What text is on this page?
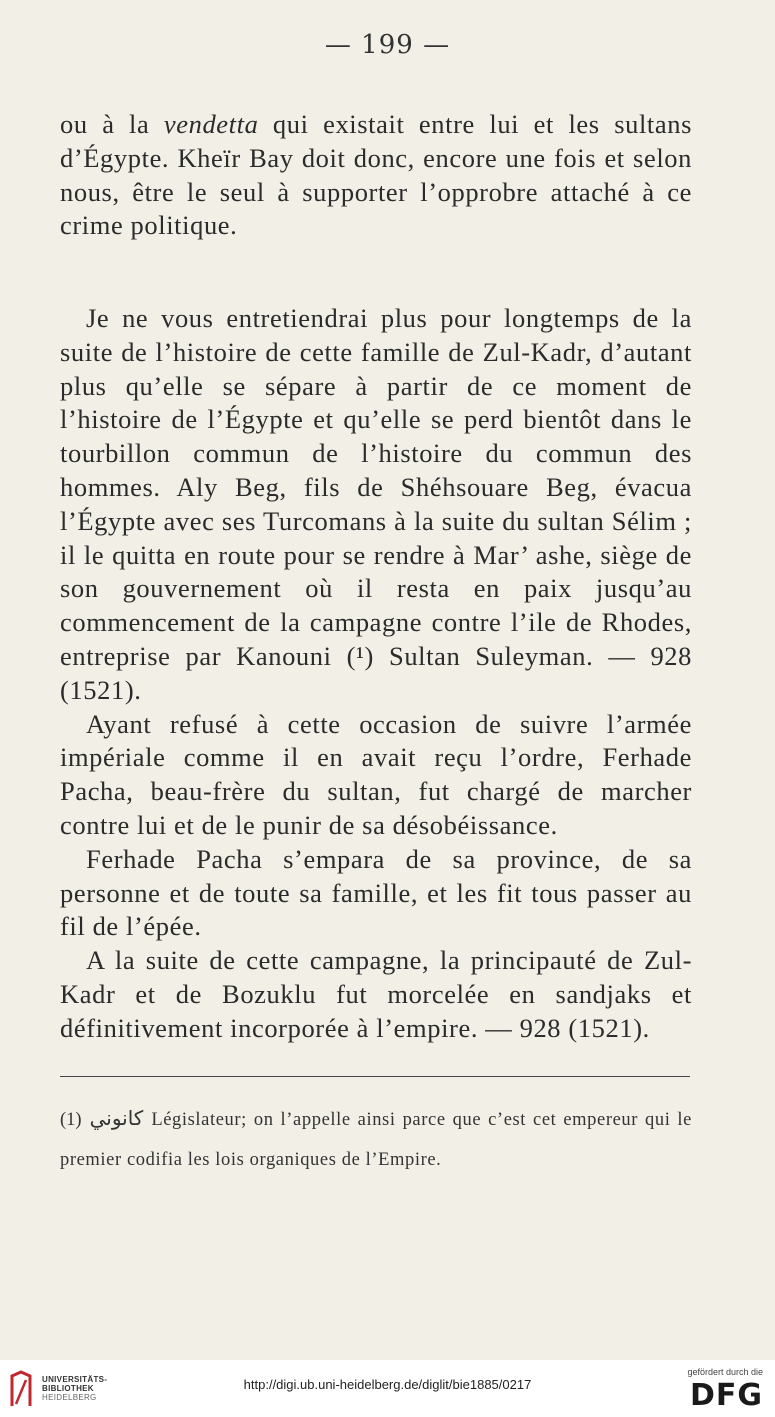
— 199 —

ou à la vendetta qui existait entre lui et les sultans d’Égypte. Kheïr Bay doit donc, encore une fois et selon nous, être le seul à supporter l’opprobre attaché à ce crime politique.

Je ne vous entretiendrai plus pour longtemps de la suite de l’histoire de cette famille de Zul-Kadr, d’autant plus qu’elle se sépare à partir de ce moment de l’histoire de l’Égypte et qu’elle se perd bientôt dans le tourbillon commun de l’histoire du commun des hommes. Aly Beg, fils de Shéhsouare Beg, évacua l’Égypte avec ses Turcomans à la suite du sultan Sélim ; il le quitta en route pour se rendre à Mar’ ashe, siège de son gouvernement où il resta en paix jusqu’au commencement de la campagne contre l’ile de Rhodes, entreprise par Kanouni (¹) Sultan Suleyman. — 928 (1521).

Ayant refusé à cette occasion de suivre l’armée impériale comme il en avait reçu l’ordre, Ferhade Pacha, beau-frère du sultan, fut chargé de marcher contre lui et de le punir de sa désobéissance.

Ferhade Pacha s’empara de sa province, de sa personne et de toute sa famille, et les fit tous passer au fil de l’épée.

A la suite de cette campagne, la principauté de Zul-Kadr et de Bozuklu fut morcelée en sandjaks et définitivement incorporée à l’empire. — 928 (1521).

(1) كانوني Législateur; on l’appelle ainsi parce que c’est cet empereur qui le premier codifia les lois organiques de l’Empire.

UNIVERSITÄTS-
BIBLIOTHEK
HEIDELBERG
http://digi.ub.uni-heidelberg.de/diglit/bie1885/0217
gefördert durch die
DFG
